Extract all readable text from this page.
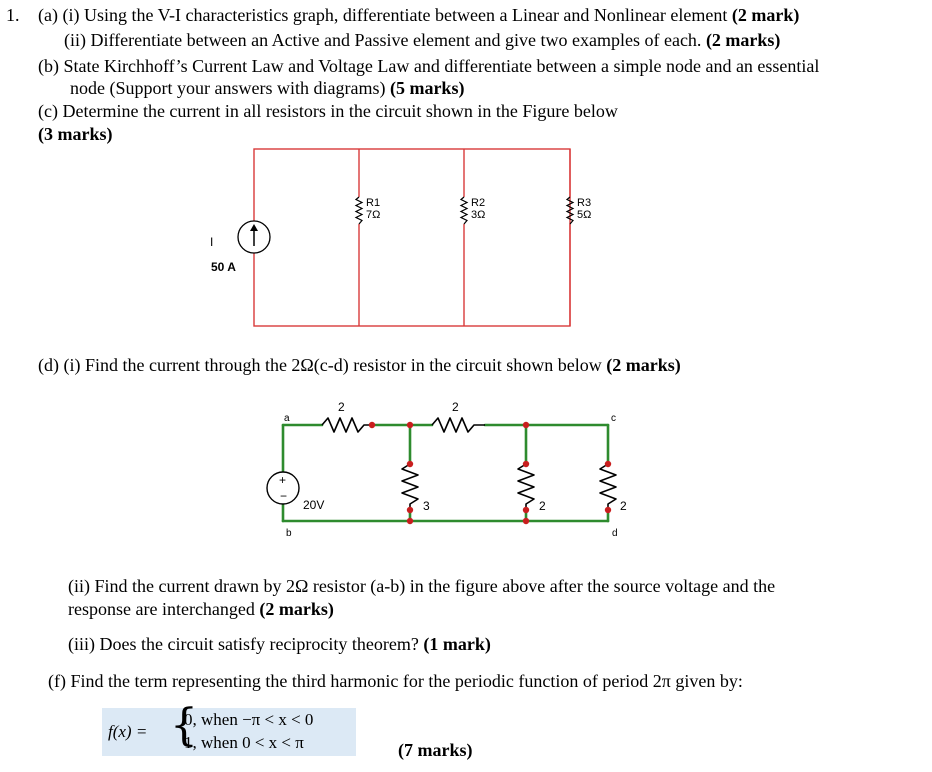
1. (a) (i) Using the V-I characteristics graph, differentiate between a Linear and Nonlinear element (2 mark)
(ii) Differentiate between an Active and Passive element and give two examples of each. (2 marks)
(b) State Kirchhoff’s Current Law and Voltage Law and differentiate between a simple node and an essential
node (Support your answers with diagrams) (5 marks)
(c) Determine the current in all resistors in the circuit shown in the Figure below
(3 marks)
I
50 A
R1
7Ω
R2
3Ω
R3
5Ω
(d) (i) Find the current through the 2Ω(c-d) resistor in the circuit shown below (2 marks)
+
−
a
b
c
d
2	2
3	2	2
20V
(ii) Find the current drawn by 2Ω resistor (a-b) in the figure above after the source voltage and the
response are interchanged (2 marks)
(iii) Does the circuit satisfy reciprocity theorem? (1 mark)
(f) Find the term representing the third harmonic for the periodic function of period 2π given by:
f(x) = {
0, when −π < x < 0
1, when 0 < x < π	(7 marks)
